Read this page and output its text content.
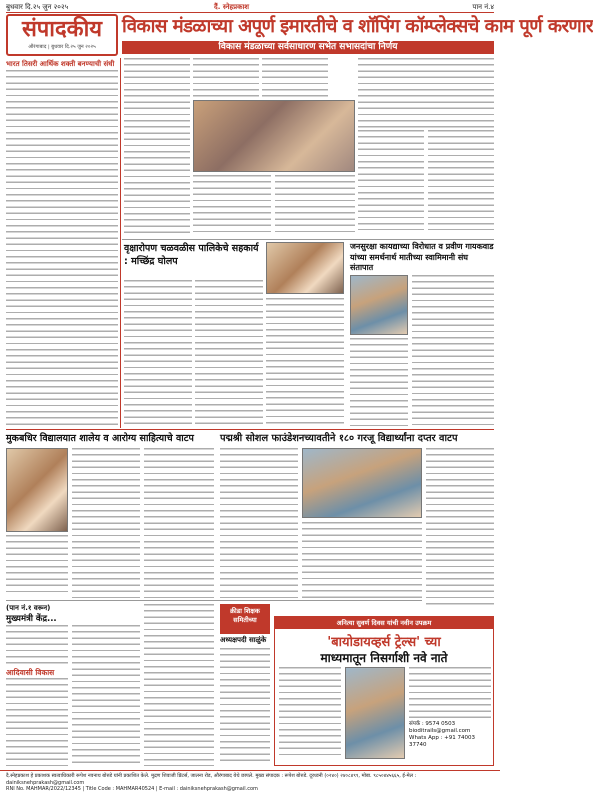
बुधवार दि.२५ जुन २०२५	दैं. स्नेहप्रकाश	पान नं.४
संपादकीय
औरंगाबाद | बुधवार दि.२५ जुन २०२५
विकास मंडळाच्या अपूर्ण इमारतीचे व शॉपिंग कॉम्प्लेक्सचे काम पूर्ण करणार
विकास मंडळाच्या सर्वसाधारण सभेत सभासदांचा निर्णय
भारत तिसरी आर्थिक शक्ती बनण्याची संधी
वृक्षारोपण चळवळीस पालिकेचे सहकार्य : मच्छिंद्र घोलप
जनसुरक्षा कायद्याच्या विरोधात व प्रवीण गायकवाड यांच्या समर्थनार्थ मातीच्या स्वामिमानी संघ संतापात
मुकबधिर विद्यालयात शालेय व आरोग्य साहित्याचे वाटप	पद्मश्री सोशल फाउंडेशनच्यावतीने १८० गरजू विद्यार्थ्यांना दप्तर वाटप
(पान नं.१ वरून)
मुख्यमंत्री केंद्र...
आदिवासी विकास
क्रीडा शिक्षक समितीच्या
अध्यक्षपदी साळुंके
अनित्या सुवर्ण दिवस यांची नवीन उपक्रम
'बायोडायव्हर्स ट्रेल्स' च्या
माध्यमातून निसर्गाशी नवे नाते
संपर्क : 9574 0503
bioditrails@gmail.com
Whats App : +91 74003 37740
दै.स्नेहप्रकाश हे प्रकाशक स्वत्वाधिकारी रूपेश नवनाथ बोरुडे यांनी प्रकाशित केले. मुद्रण शिवाजी प्रिंटर्स, जालना रोड, औरंगाबाद येथे छापले. मुख्य संपादक : रूपेश बोरुडे. दूरध्वनी (०२४०) २४०८४९९, मोबा. ९८५०४४५६६५, ई-मेल : dainiksnehprakash@gmail.com
RNI No. MAHMAR/2022/12345 | Title Code : MAHMAR40524 | E-mail : dainiksnehprakash@gmail.com
